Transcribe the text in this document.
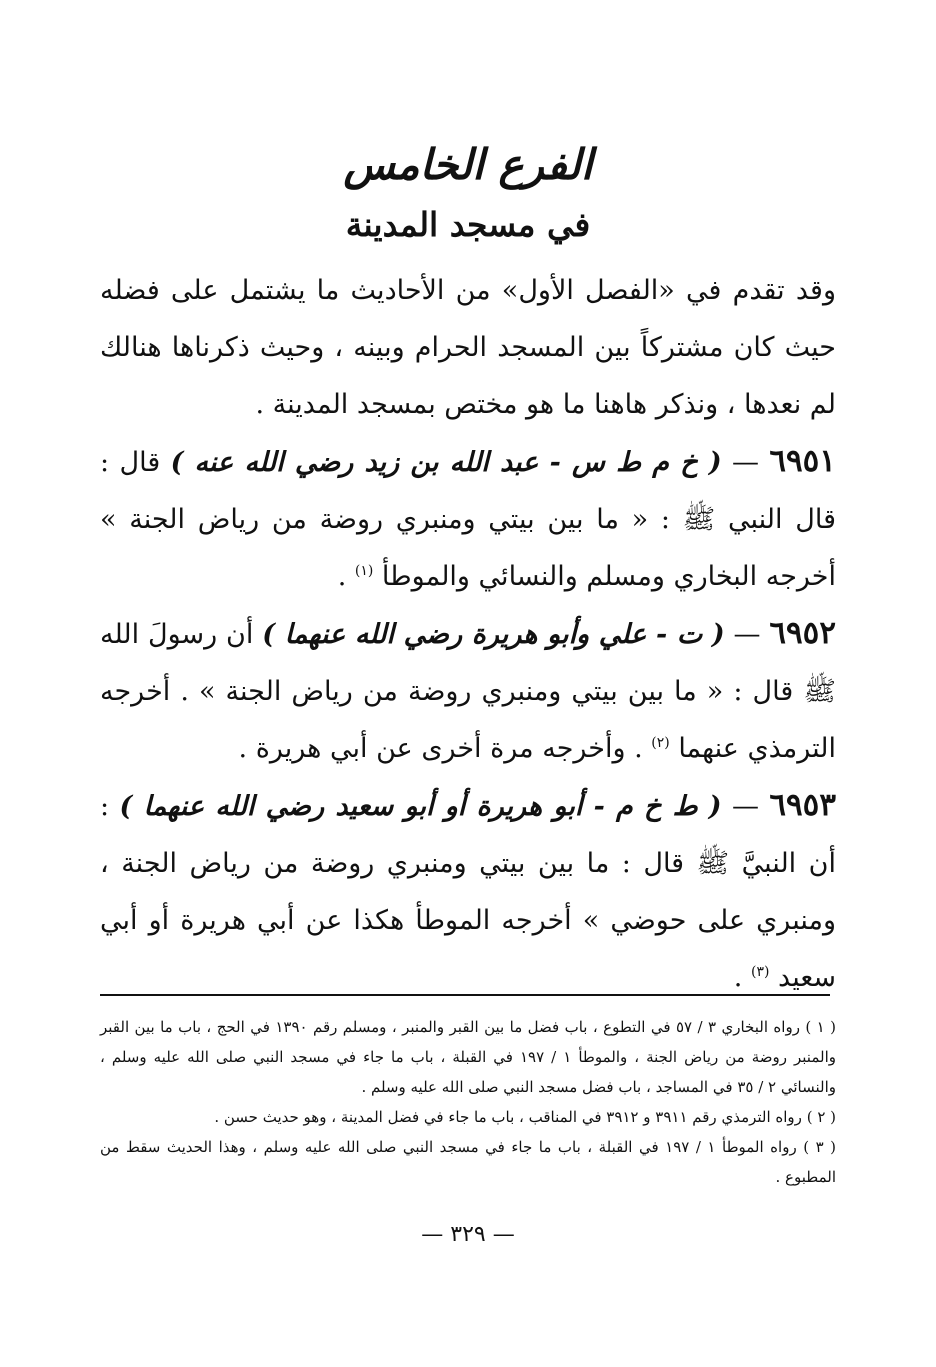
الفرع الخامس
في مسجد المدينة

وقد تقدم في «الفصل الأول» من الأحاديث ما يشتمل على فضله حيث كان مشتركاً بين المسجد الحرام وبينه ، وحيث ذكرناها هنالك لم نعدها ، ونذكر هاهنا ما هو مختص بمسجد المدينة .

٦٩٥١ — ( خ م ط س - عبد الله بن زيد رضي الله عنه ) قال : قال النبي ﷺ : « ما بين بيتي ومنبري روضة من رياض الجنة » أخرجه البخاري ومسلم والنسائي والموطأ $^{(١)}$ .

٦٩٥٢ — ( ت - علي وأبو هريرة رضي الله عنهما ) أن رسولَ الله ﷺ قال : « ما بين بيتي ومنبري روضة من رياض الجنة » . أخرجه الترمذي عنهما $^{(٢)}$ . وأخرجه مرة أخرى عن أبي هريرة .

٦٩٥٣ — ( ط خ م - أبو هريرة أو أبو سعيد رضي الله عنهما ) : أن النبيَّ ﷺ قال : ما بين بيتي ومنبري روضة من رياض الجنة ، ومنبري على حوضي » أخرجه الموطأ هكذا عن أبي هريرة أو أبي سعيد $^{(٣)}$ .

( ١ ) رواه البخاري ٣ / ٥٧ في التطوع ، باب فضل ما بين القبر والمنبر ، ومسلم رقم ١٣٩٠ في الحج ، باب ما بين القبر والمنبر روضة من رياض الجنة ، والموطأ ١ / ١٩٧ في القبلة ، باب ما جاء في مسجد النبي صلى الله عليه وسلم ، والنسائي ٢ / ٣٥ في المساجد ، باب فضل مسجد النبي صلى الله عليه وسلم .

( ٢ ) رواه الترمذي رقم ٣٩١١ و ٣٩١٢ في المناقب ، باب ما جاء في فضل المدينة ، وهو حديث حسن .

( ٣ ) رواه الموطأ ١ / ١٩٧ في القبلة ، باب ما جاء في مسجد النبي صلى الله عليه وسلم ، وهذا الحديث سقط من المطبوع .

— ٣٢٩ —
